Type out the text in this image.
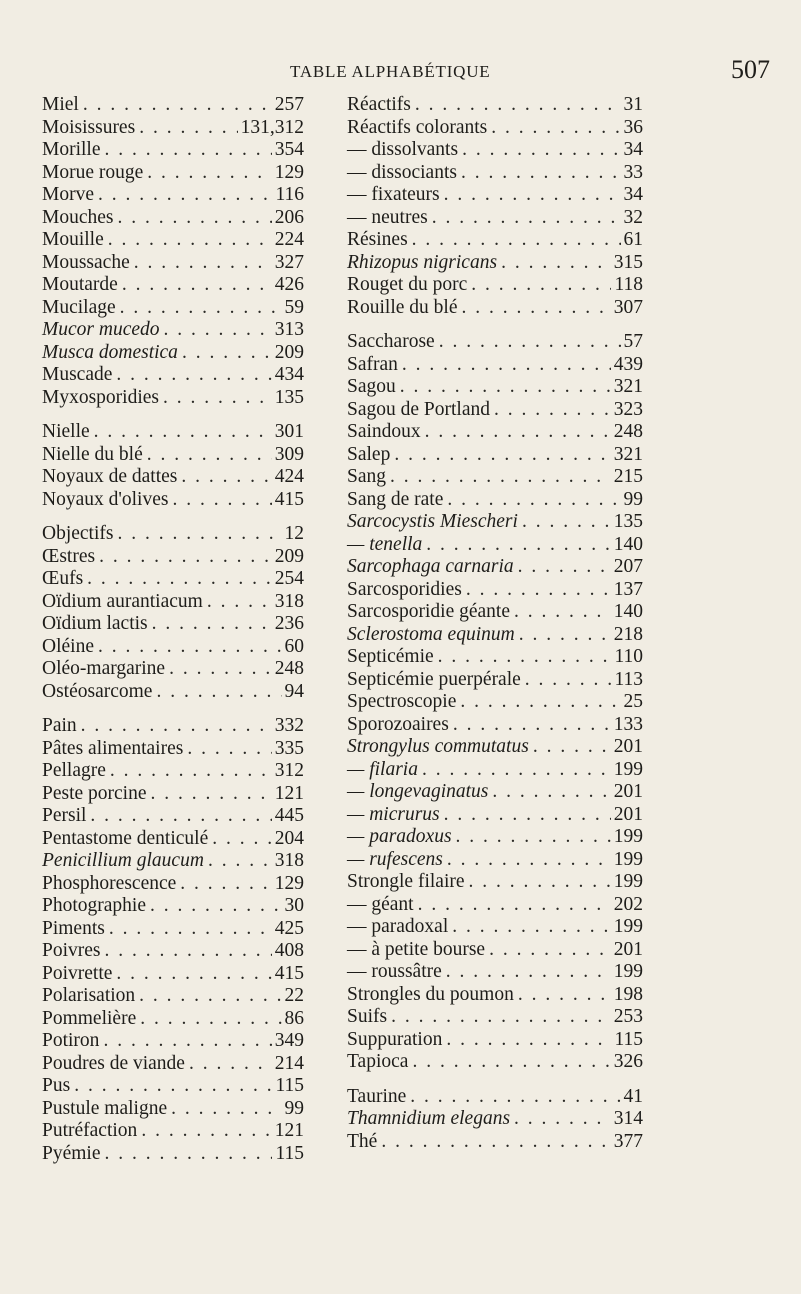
TABLE ALPHABÉTIQUE	507
Miel . . .	257
Moisissures . . .	131,312
Morille . . .	354
Morue rouge . . .	129
Morve . . .	116
Mouches . . .	206
Mouille . . .	224
Moussache . . .	327
Moutarde . . .	426
Mucilage . . .	59
Mucor mucedo . . .	313
Musca domestica . . .	209
Muscade . . .	434
Myxosporidies . . .	135
Nielle . . .	301
Nielle du blé . . .	309
Noyaux de dattes . . .	424
Noyaux d'olives . . .	415
Objectifs . . .	12
Œstres . . .	209
Œufs . . .	254
Oïdium aurantiacum . . .	318
Oïdium lactis . . .	236
Oléine . . .	60
Oléo-margarine . . .	248
Ostéosarcome . . .	94
Pain . . .	332
Pâtes alimentaires . . .	335
Pellagre . . .	312
Peste porcine . . .	121
Persil . . .	445
Pentastome denticulé . . .	204
Penicillium glaucum . . .	318
Phosphorescence . . .	129
Photographie . . .	30
Piments . . .	425
Poivres . . .	408
Poivrette . . .	415
Polarisation . . .	22
Pommelière . . .	86
Potiron . . .	349
Poudres de viande . . .	214
Pus . . .	115
Pustule maligne . . .	99
Putréfaction . . .	121
Pyémie . . .	115
Réactifs . . .	31
Réactifs colorants . . .	36
— dissolvants . . .	34
— dissociants . . .	33
— fixateurs . . .	34
— neutres . . .	32
Résines . . .	61
Rhizopus nigricans . . .	315
Rouget du porc . . .	118
Rouille du blé . . .	307
Saccharose . . .	57
Safran . . .	439
Sagou . . .	321
Sagou de Portland . . .	323
Saindoux . . .	248
Salep . . .	321
Sang . . .	215
Sang de rate . . .	99
Sarcocystis Miescheri . . .	135
— tenella . . .	140
Sarcophaga carnaria . . .	207
Sarcosporidies . . .	137
Sarcosporidie géante . . .	140
Sclerostoma equinum . . .	218
Septicémie . . .	110
Septicémie puerpérale . . .	113
Spectroscopie . . .	25
Sporozoaires . . .	133
Strongylus commutatus . . .	201
— filaria . . .	199
— longevaginatus . . .	201
— micrurus . . .	201
— paradoxus . . .	199
— rufescens . . .	199
Strongle filaire . . .	199
— géant . . .	202
— paradoxal . . .	199
— à petite bourse . . .	201
— roussâtre . . .	199
Strongles du poumon . . .	198
Suifs . . .	253
Suppuration . . .	115
Tapioca . . .	326
Taurine . . .	41
Thamnidium elegans . . .	314
Thé . . .	377
